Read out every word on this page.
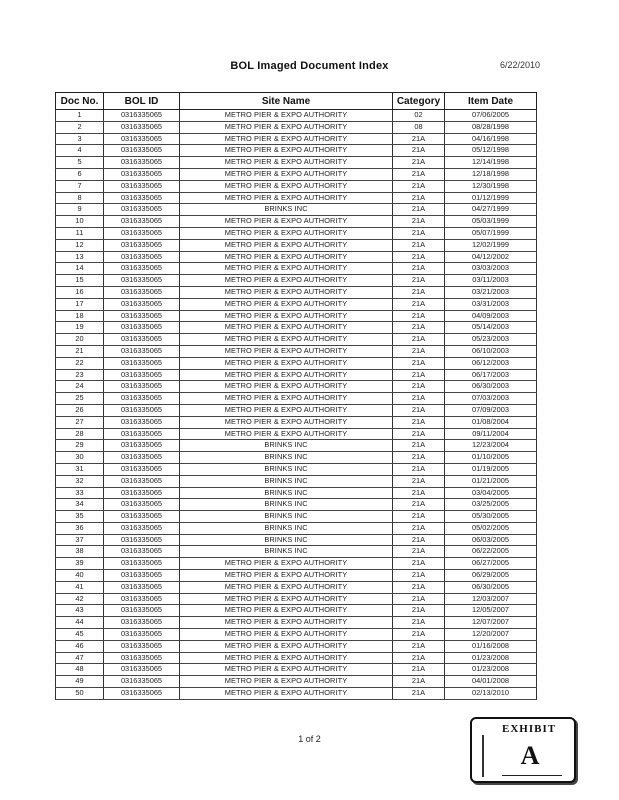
BOL Imaged Document Index	6/22/2010
Doc No.	BOL ID	Site Name	Category	Item Date
1	0316335065	METRO PIER & EXPO AUTHORITY	02	07/06/2005
2	0316335065	METRO PIER & EXPO AUTHORITY	08	08/28/1998
3	0316335065	METRO PIER & EXPO AUTHORITY	21A	04/16/1998
4	0316335065	METRO PIER & EXPO AUTHORITY	21A	05/12/1998
5	0316335065	METRO PIER & EXPO AUTHORITY	21A	12/14/1998
6	0316335065	METRO PIER & EXPO AUTHORITY	21A	12/18/1998
7	0316335065	METRO PIER & EXPO AUTHORITY	21A	12/30/1998
8	0316335065	METRO PIER & EXPO AUTHORITY	21A	01/12/1999
9	0316335065	BRINKS INC	21A	04/27/1999
10	0316335065	METRO PIER & EXPO AUTHORITY	21A	05/03/1999
11	0316335065	METRO PIER & EXPO AUTHORITY	21A	05/07/1999
12	0316335065	METRO PIER & EXPO AUTHORITY	21A	12/02/1999
13	0316335065	METRO PIER & EXPO AUTHORITY	21A	04/12/2002
14	0316335065	METRO PIER & EXPO AUTHORITY	21A	03/03/2003
15	0316335065	METRO PIER & EXPO AUTHORITY	21A	03/11/2003
16	0316335065	METRO PIER & EXPO AUTHORITY	21A	03/21/2003
17	0316335065	METRO PIER & EXPO AUTHORITY	21A	03/31/2003
18	0316335065	METRO PIER & EXPO AUTHORITY	21A	04/09/2003
19	0316335065	METRO PIER & EXPO AUTHORITY	21A	05/14/2003
20	0316335065	METRO PIER & EXPO AUTHORITY	21A	05/23/2003
21	0316335065	METRO PIER & EXPO AUTHORITY	21A	06/10/2003
22	0316335065	METRO PIER & EXPO AUTHORITY	21A	06/12/2003
23	0316335065	METRO PIER & EXPO AUTHORITY	21A	06/17/2003
24	0316335065	METRO PIER & EXPO AUTHORITY	21A	06/30/2003
25	0316335065	METRO PIER & EXPO AUTHORITY	21A	07/03/2003
26	0316335065	METRO PIER & EXPO AUTHORITY	21A	07/09/2003
27	0316335065	METRO PIER & EXPO AUTHORITY	21A	01/08/2004
28	0316335065	METRO PIER & EXPO AUTHORITY	21A	09/11/2004
29	0316335065	BRINKS INC	21A	12/23/2004
30	0316335065	BRINKS INC	21A	01/10/2005
31	0316335065	BRINKS INC	21A	01/19/2005
32	0316335065	BRINKS INC	21A	01/21/2005
33	0316335065	BRINKS INC	21A	03/04/2005
34	0316335065	BRINKS INC	21A	03/25/2005
35	0316335065	BRINKS INC	21A	05/30/2005
36	0316335065	BRINKS INC	21A	05/02/2005
37	0316335065	BRINKS INC	21A	06/03/2005
38	0316335065	BRINKS INC	21A	06/22/2005
39	0316335065	METRO PIER & EXPO AUTHORITY	21A	06/27/2005
40	0316335065	METRO PIER & EXPO AUTHORITY	21A	06/29/2005
41	0316335065	METRO PIER & EXPO AUTHORITY	21A	06/30/2005
42	0316335065	METRO PIER & EXPO AUTHORITY	21A	12/03/2007
43	0316335065	METRO PIER & EXPO AUTHORITY	21A	12/05/2007
44	0316335065	METRO PIER & EXPO AUTHORITY	21A	12/07/2007
45	0316335065	METRO PIER & EXPO AUTHORITY	21A	12/20/2007
46	0316335065	METRO PIER & EXPO AUTHORITY	21A	01/16/2008
47	0316335065	METRO PIER & EXPO AUTHORITY	21A	01/23/2008
48	0316335065	METRO PIER & EXPO AUTHORITY	21A	01/23/2008
49	0316335065	METRO PIER & EXPO AUTHORITY	21A	04/01/2008
50	0316335065	METRO PIER & EXPO AUTHORITY	21A	02/13/2010
1 of 2
EXHIBIT
A
